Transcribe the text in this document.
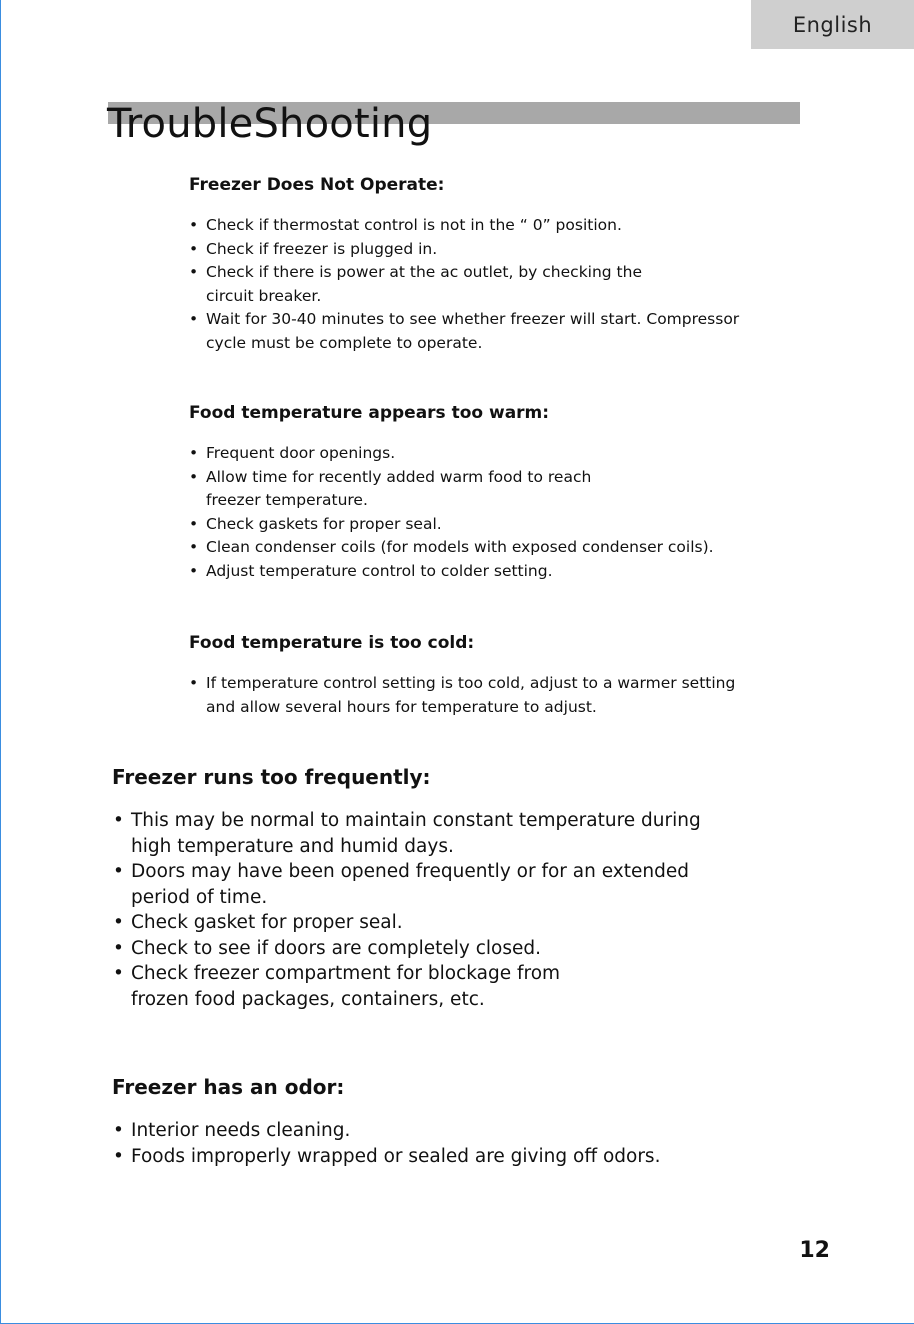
English
TroubleShooting
Freezer Does Not Operate:
• Check if thermostat control is not in the “ 0” position.
• Check if freezer is plugged in.
• Check if there is power at the ac outlet, by checking the
circuit breaker.
• Wait for 30-40 minutes to see whether freezer will start. Compressor
cycle must be complete to operate.
Food temperature appears too warm:
• Frequent door openings.
• Allow time for recently added warm food to reach
freezer temperature.
• Check gaskets for proper seal.
• Clean condenser coils (for models with exposed condenser coils).
• Adjust temperature control to colder setting.
Food temperature is too cold:
• If temperature control setting is too cold, adjust to a warmer setting
and allow several hours for temperature to adjust.
Freezer runs too frequently:
• This may be normal to maintain constant temperature during
high temperature and humid days.
• Doors may have been opened frequently or for an extended
period of time.
• Check gasket for proper seal.
• Check to see if doors are completely closed.
• Check freezer compartment for blockage from
frozen food packages, containers, etc.
Freezer has an odor:
• Interior needs cleaning.
• Foods improperly wrapped or sealed are giving off odors.
12
